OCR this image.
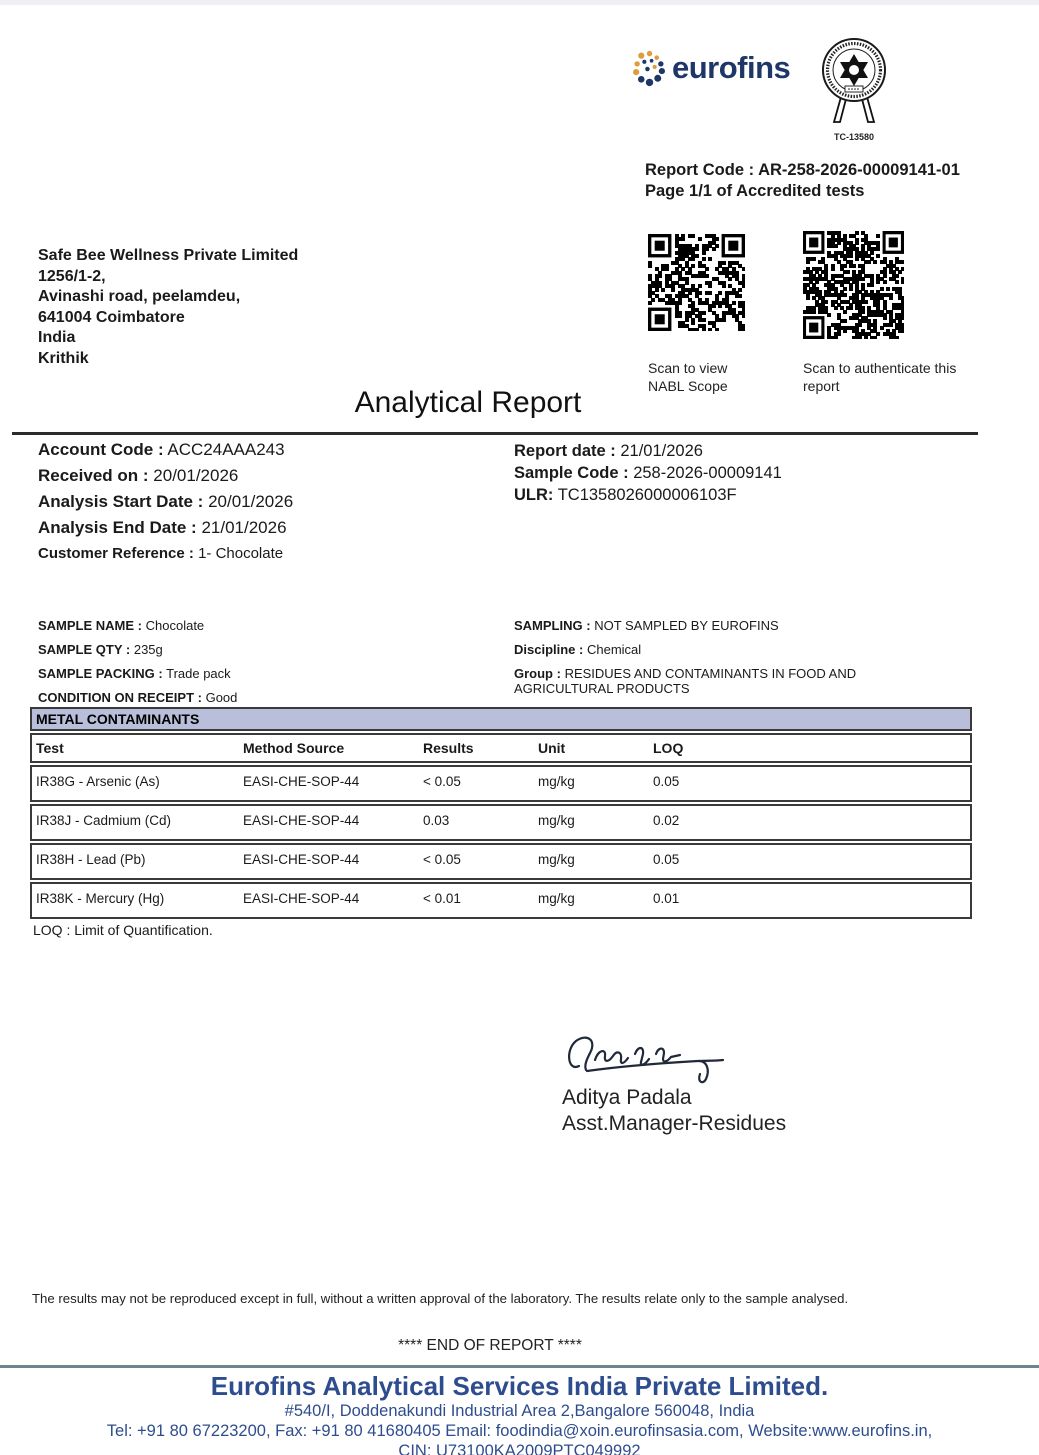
eurofins
TC-13580
Report Code : AR-258-2026-00009141-01
Page 1/1 of Accredited tests
Safe Bee Wellness Private Limited
1256/1-2,
Avinashi road, peelamdeu,
641004 Coimbatore
India
Krithik
Scan to view
NABL Scope
Scan to authenticate this report
Analytical Report
Account Code : ACC24AAA243
Received on : 20/01/2026
Analysis Start Date : 20/01/2026
Analysis End Date : 21/01/2026
Customer Reference : 1- Chocolate
Report date : 21/01/2026
Sample Code : 258-2026-00009141
ULR: TC1358026000006103F
SAMPLE NAME : Chocolate
SAMPLE QTY : 235g
SAMPLE PACKING : Trade pack
CONDITION ON RECEIPT : Good
SAMPLING : NOT SAMPLED BY EUROFINS
Discipline : Chemical
Group : RESIDUES AND CONTAMINANTS IN FOOD AND AGRICULTURAL PRODUCTS
METAL CONTAMINANTS
Test	Method Source	Results	Unit	LOQ
IR38G - Arsenic (As)	EASI-CHE-SOP-44	< 0.05	mg/kg	0.05
IR38J - Cadmium (Cd)	EASI-CHE-SOP-44	0.03	mg/kg	0.02
IR38H - Lead (Pb)	EASI-CHE-SOP-44	< 0.05	mg/kg	0.05
IR38K - Mercury (Hg)	EASI-CHE-SOP-44	< 0.01	mg/kg	0.01
LOQ : Limit of Quantification.
Aditya Padala
Asst.Manager-Residues
The results may not be reproduced except in full, without a written approval of the laboratory. The results relate only to the sample analysed.
**** END OF REPORT ****
Eurofins Analytical Services India Private Limited.
#540/I, Doddenakundi Industrial Area 2,Bangalore 560048, India
Tel: +91 80 67223200, Fax: +91 80 41680405 Email: foodindia@xoin.eurofinsasia.com, Website:www.eurofins.in,
CIN: U73100KA2009PTC049992
